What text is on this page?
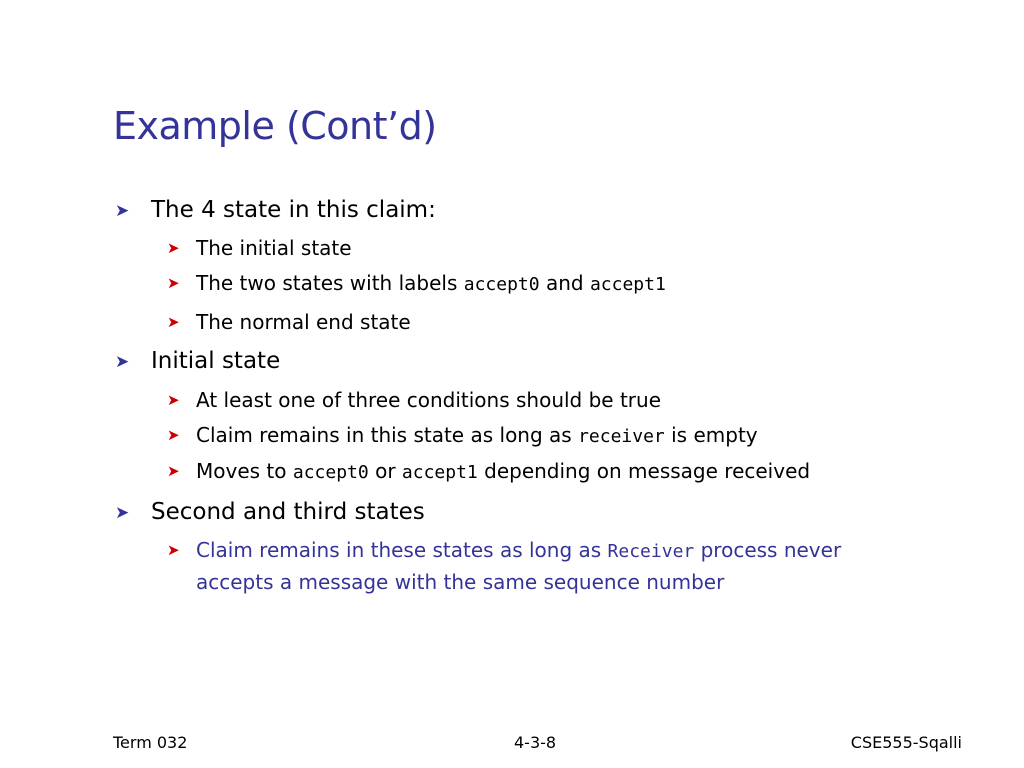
Example (Cont’d)
➤ The 4 state in this claim:
➤ The initial state
➤ The two states with labels accept0 and accept1
➤ The normal end state
➤ Initial state
➤ At least one of three conditions should be true
➤ Claim remains in this state as long as receiver is empty
➤ Moves to accept0 or accept1 depending on message received
➤ Second and third states
➤ Claim remains in these states as long as Receiver process never
accepts a message with the same sequence number
Term 032	4-3-8	CSE555-Sqalli
